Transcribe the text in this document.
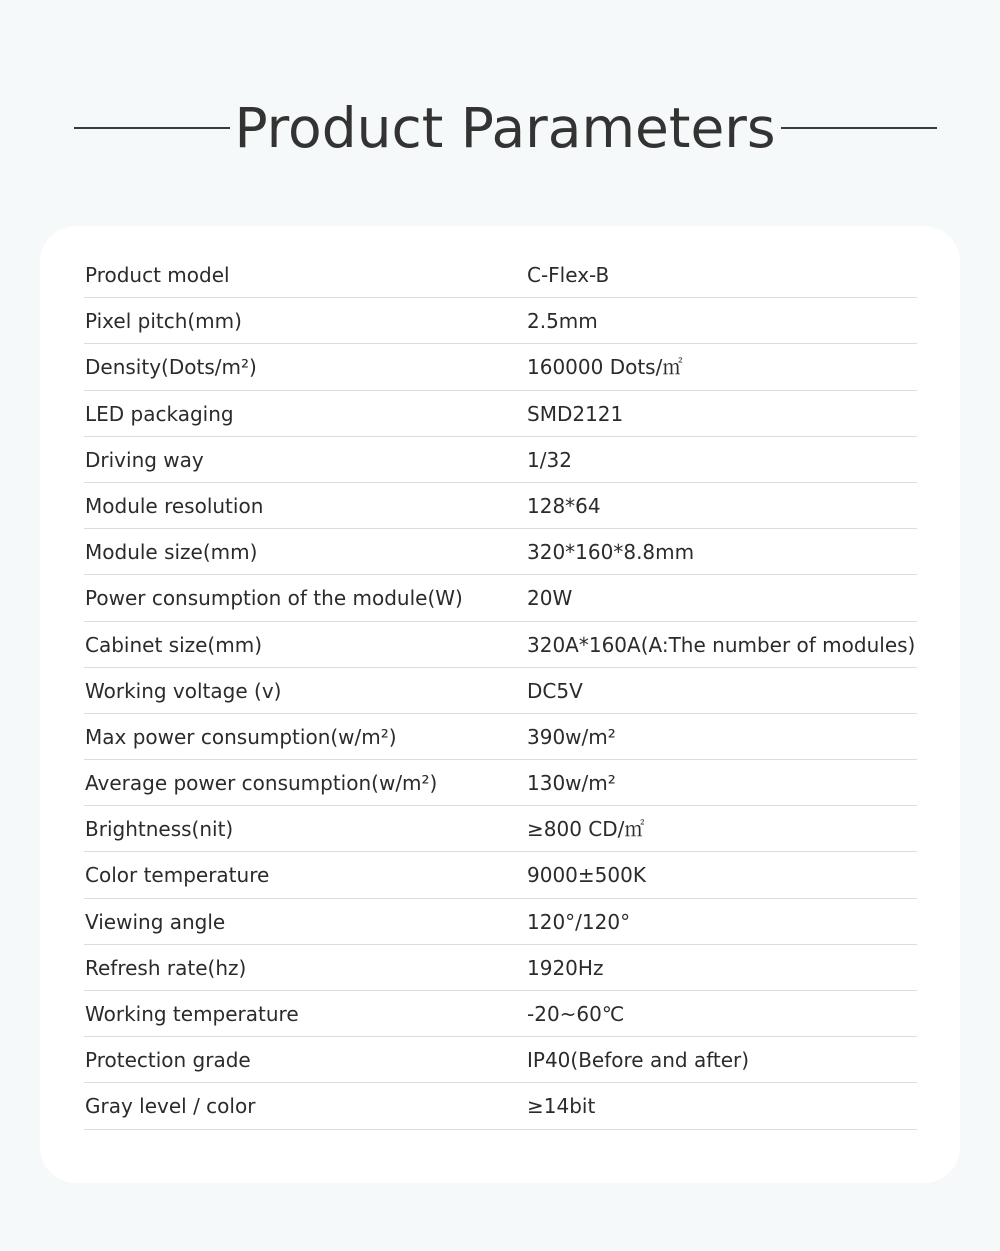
Product Parameters
Product model	C-Flex-B
Pixel pitch(mm)	2.5mm
Density(Dots/m²)	160000 Dots/㎡
LED packaging	SMD2121
Driving way	1/32
Module resolution	128*64
Module size(mm)	320*160*8.8mm
Power consumption of the module(W)	20W
Cabinet size(mm)	320A*160A(A:The number of modules)
Working voltage (v)	DC5V
Max power consumption(w/m²)	390w/m²
Average power consumption(w/m²)	130w/m²
Brightness(nit)	≥800 CD/㎡
Color temperature	9000±500K
Viewing angle	120°/120°
Refresh rate(hz)	1920Hz
Working temperature	-20~60℃
Protection grade	IP40(Before and after)
Gray level / color	≥14bit
